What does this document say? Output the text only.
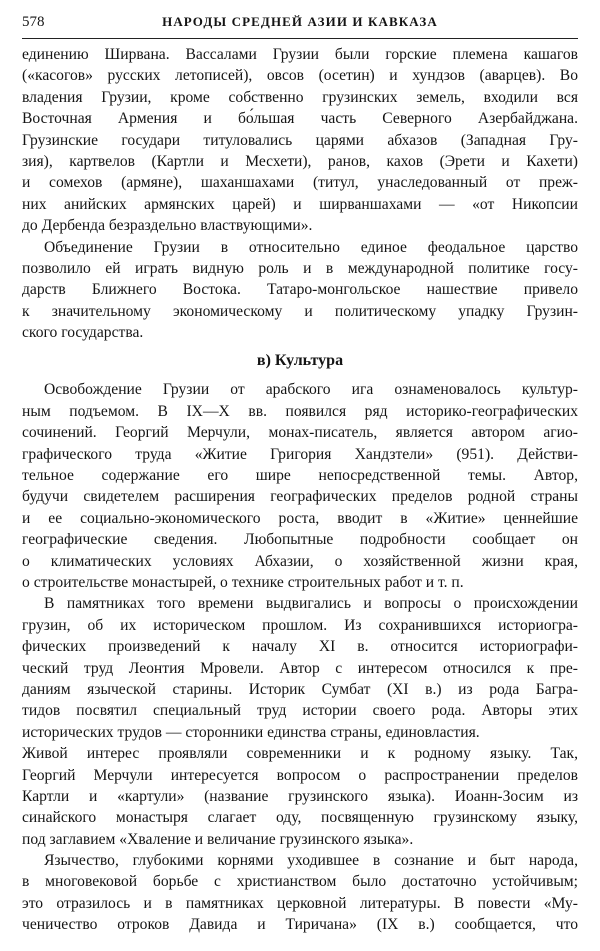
578	НАРОДЫ СРЕДНЕЙ АЗИИ И КАВКАЗА
единению Ширвана. Вассалами Грузии были горские племена кашагов
(«касогов» русских летописей), овсов (осетин) и хундзов (аварцев). Во
владения Грузии, кроме собственно грузинских земель, входили вся
Восточная Армения и бо́льшая часть Северного Азербайджана.
Грузинские государи титуловались царями абхазов (Западная Гру-
зия), картвелов (Картли и Месхети), ранов, кахов (Эрети и Кахети)
и сомехов (армяне), шаханшахами (титул, унаследованный от преж-
них анийских армянских царей) и ширваншахами — «от Никопсии
до Дербенда безраздельно властвующими».
Объединение Грузии в относительно единое феодальное царство
позволило ей играть видную роль и в международной политике госу-
дарств Ближнего Востока. Татаро-монгольское нашествие привело
к значительному экономическому и политическому упадку Грузин-
ского государства.
в) Культура
Освобождение Грузии от арабского ига ознаменовалось культур-
ным подъемом. В IX—X вв. появился ряд историко-географических
сочинений. Георгий Мерчули, монах-писатель, является автором агио-
графического труда «Житие Григория Хандзтели» (951). Действи-
тельное содержание его шире непосредственной темы. Автор,
будучи свидетелем расширения географических пределов родной страны
и ее социально-экономического роста, вводит в «Житие» ценнейшие
географические сведения. Любопытные подробности сообщает он
о климатических условиях Абхазии, о хозяйственной жизни края,
о строительстве монастырей, о технике строительных работ и т. п.
В памятниках того времени выдвигались и вопросы о происхождении
грузин, об их историческом прошлом. Из сохранившихся историогра-
фических произведений к началу XI в. относится историографи-
ческий труд Леонтия Мровели. Автор с интересом относился к пре-
даниям языческой старины. Историк Сумбат (XI в.) из рода Багра-
тидов посвятил специальный труд истории своего рода. Авторы этих
исторических трудов — сторонники единства страны, единовластия.
Живой интерес проявляли современники и к родному языку. Так,
Георгий Мерчули интересуется вопросом о распространении пределов
Картли и «картули» (название грузинского языка). Иоанн-Зосим из
синайского монастыря слагает оду, посвященную грузинскому языку,
под заглавием «Хваление и величание грузинского языка».
Язычество, глубокими корнями уходившее в сознание и быт народа,
в многовековой борьбе с христианством было достаточно устойчивым;
это отразилось и в памятниках церковной литературы. В повести «Му-
ченичество отроков Давида и Тиричана» (IX в.) сообщается, что
